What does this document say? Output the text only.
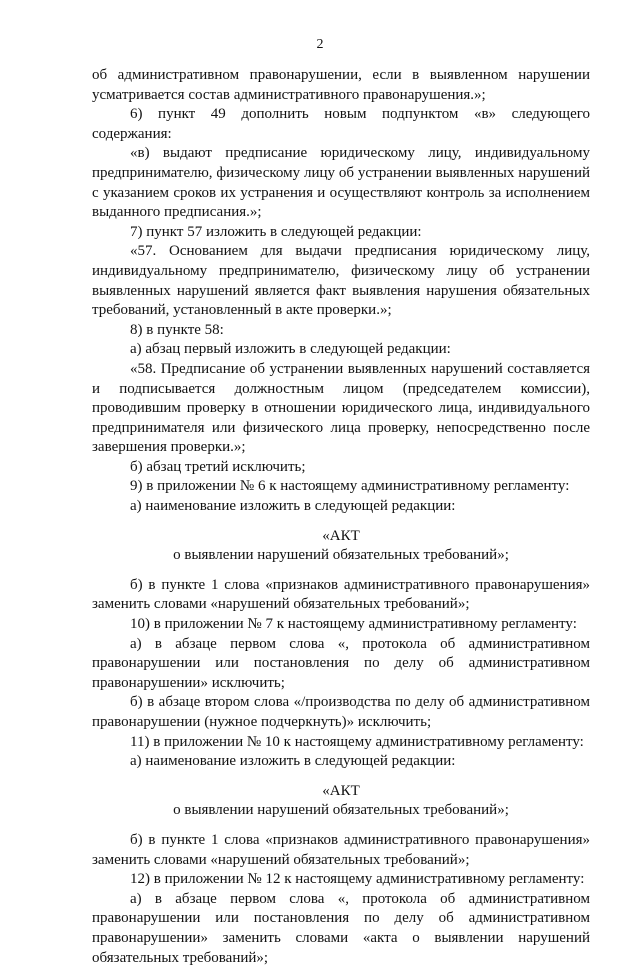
2

об административном правонарушении, если в выявленном нарушении усматривается состав административного правонарушения.»;

6) пункт 49 дополнить новым подпунктом «в» следующего содержания:

«в) выдают предписание юридическому лицу, индивидуальному предпринимателю, физическому лицу об устранении выявленных нарушений с указанием сроков их устранения и осуществляют контроль за исполнением выданного предписания.»;

7) пункт 57 изложить в следующей редакции:

«57. Основанием для выдачи предписания юридическому лицу, индивидуальному предпринимателю, физическому лицу об устранении выявленных нарушений является факт выявления нарушения обязательных требований, установленный в акте проверки.»;

8) в пункте 58:

а) абзац первый изложить в следующей редакции:

«58. Предписание об устранении выявленных нарушений составляется и подписывается должностным лицом (председателем комиссии), проводившим проверку в отношении юридического лица, индивидуального предпринимателя или физического лица проверку, непосредственно после завершения проверки.»;

б) абзац третий исключить;

9) в приложении № 6 к настоящему административному регламенту:

а) наименование изложить в следующей редакции:

«АКТ

о выявлении нарушений обязательных требований»;

б) в пункте 1 слова «признаков административного правонарушения» заменить словами «нарушений обязательных требований»;

10) в приложении № 7 к настоящему административному регламенту:

а) в абзаце первом слова «, протокола об административном правонарушении или постановления по делу об административном правонарушении» исключить;

б) в абзаце втором слова «/производства по делу об административном правонарушении (нужное подчеркнуть)» исключить;

11) в приложении № 10 к настоящему административному регламенту:

а) наименование изложить в следующей редакции:

«АКТ

о выявлении нарушений обязательных требований»;

б) в пункте 1 слова «признаков административного правонарушения» заменить словами «нарушений обязательных требований»;

12) в приложении № 12 к настоящему административному регламенту:

а) в абзаце первом слова «, протокола об административном правонарушении или постановления по делу об административном правонарушении» заменить словами «акта о выявлении нарушений обязательных требований»;
